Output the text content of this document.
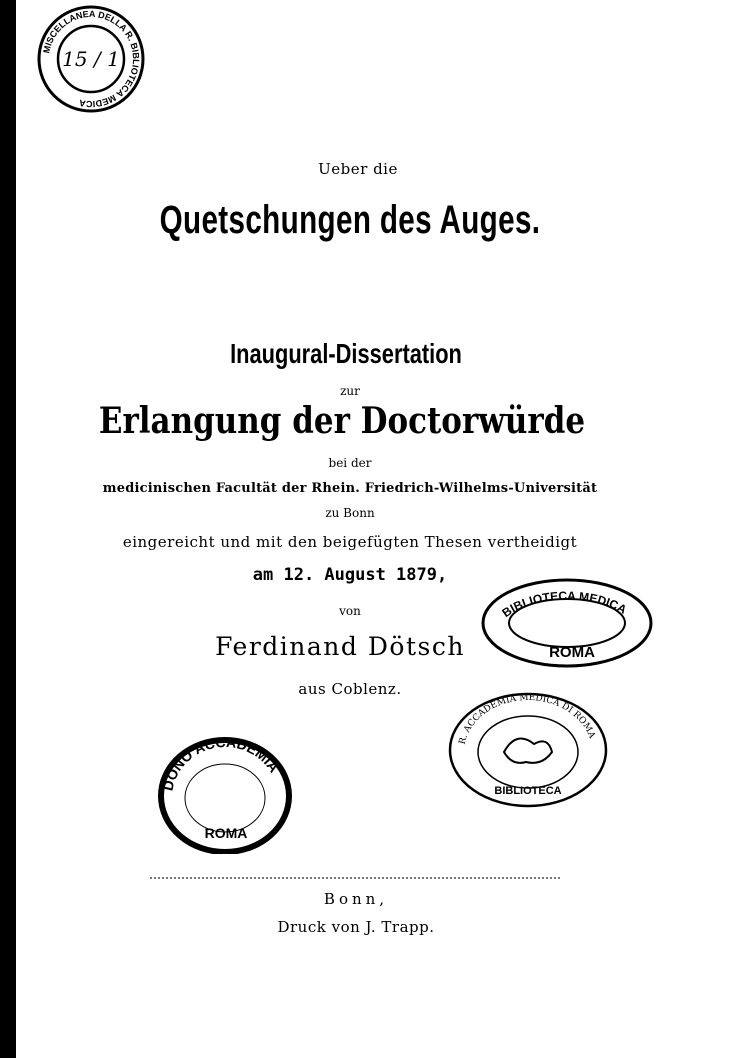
MISCELLANEA DELLA R. BIBLIOTECA MEDICA
15 / 1
Ueber die
Quetschungen des Auges.
Inaugural-Dissertation
zur
Erlangung der Doctorwürde
bei der
medicinischen Facultät der Rhein. Friedrich-Wilhelms-Universität
zu Bonn
eingereicht und mit den beigefügten Thesen vertheidigt
am 12. August 1879,
von
Ferdinand Dötsch
aus Coblenz.
Bonn,
Druck von J. Trapp.
BIBLIOTECA MEDICA
ROMA
R. ACCADEMIA MEDICA DI ROMA
BIBLIOTECA
DONO ACCADEMIA
ROMA
